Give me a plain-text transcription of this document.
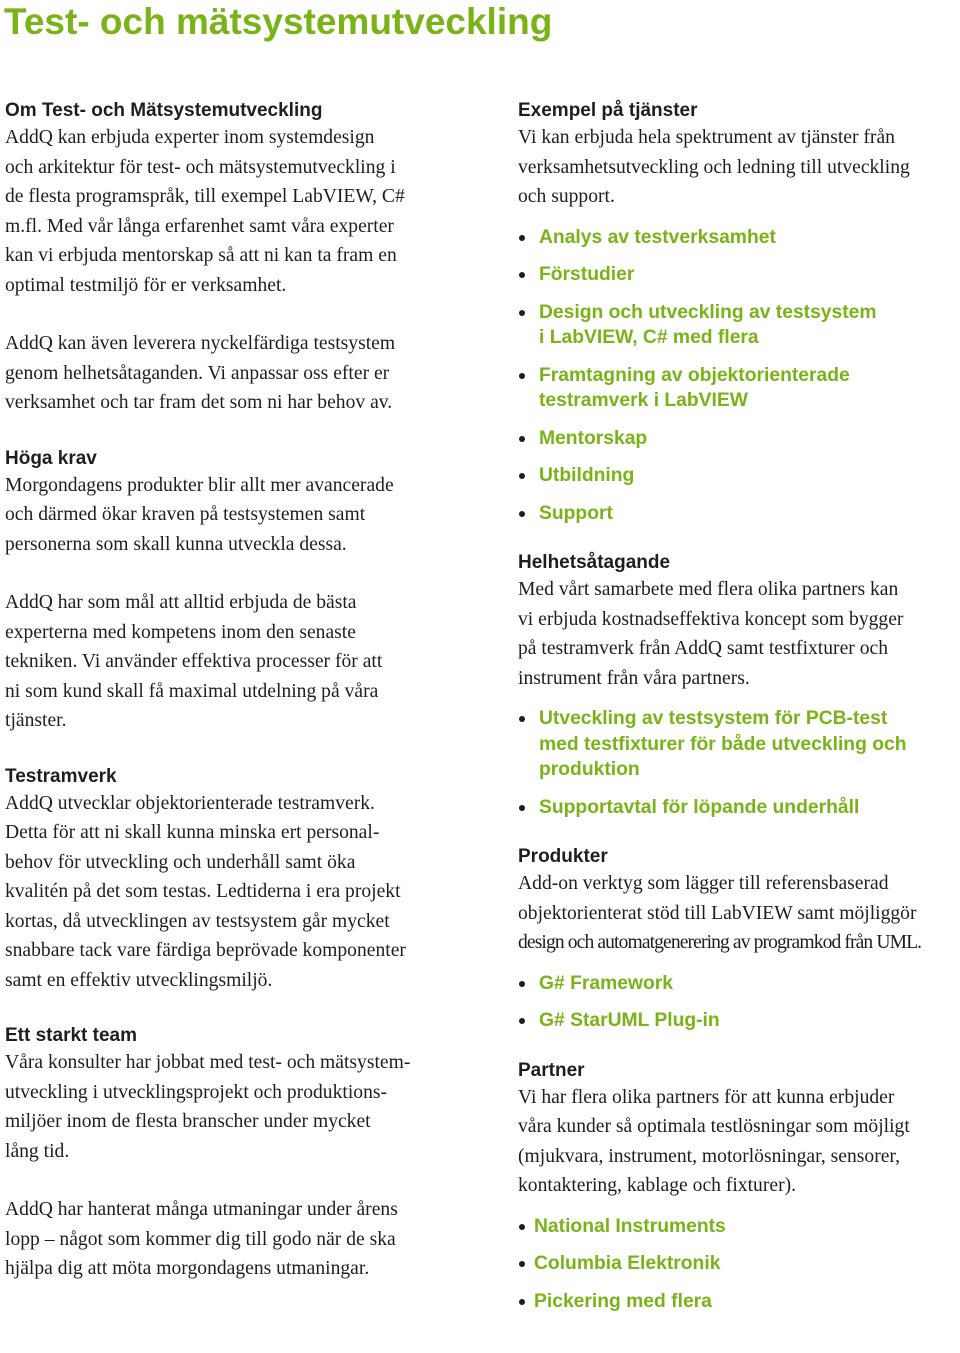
Test- och mätsystemutveckling
Om Test- och Mätsystemutveckling

AddQ kan erbjuda experter inom systemdesign
och arkitektur för test- och mätsystemutveckling i
de flesta programspråk, till exempel LabVIEW, C#
m.fl. Med vår långa erfarenhet samt våra experter
kan vi erbjuda mentorskap så att ni kan ta fram en
optimal testmiljö för er verksamhet.

AddQ kan även leverera nyckelfärdiga testsystem
genom helhetsåtaganden. Vi anpassar oss efter er
verksamhet och tar fram det som ni har behov av.

Höga krav

Morgondagens produkter blir allt mer avancerade
och därmed ökar kraven på testsystemen samt
personerna som skall kunna utveckla dessa.

AddQ har som mål att alltid erbjuda de bästa
experterna med kompetens inom den senaste
tekniken. Vi använder effektiva processer för att
ni som kund skall få maximal utdelning på våra
tjänster.

Testramverk

AddQ utvecklar objektorienterade testramverk.
Detta för att ni skall kunna minska ert personal-
behov för utveckling och underhåll samt öka
kvalitén på det som testas. Ledtiderna i era projekt
kortas, då utvecklingen av testsystem går mycket
snabbare tack vare färdiga beprövade komponenter
samt en effektiv utvecklingsmiljö.

Ett starkt team

Våra konsulter har jobbat med test- och mätsystem-
utveckling i utvecklingsprojekt och produktions-
miljöer inom de flesta branscher under mycket
lång tid.

AddQ har hanterat många utmaningar under årens
lopp – något som kommer dig till godo när de ska
hjälpa dig att möta morgondagens utmaningar.

Exempel på tjänster

Vi kan erbjuda hela spektrument av tjänster från
verksamhetsutveckling och ledning till utveckling
och support.

Analys av testverksamhet
Förstudier
Design och utveckling av testsystem
i LabVIEW, C# med flera
Framtagning av objektorienterade
testramverk i LabVIEW
Mentorskap
Utbildning
Support
Helhetsåtagande

Med vårt samarbete med flera olika partners kan
vi erbjuda kostnadseffektiva koncept som bygger
på testramverk från AddQ samt testfixturer och
instrument från våra partners.

Utveckling av testsystem för PCB-test
med testfixturer för både utveckling och
produktion
Supportavtal för löpande underhåll
Produkter

Add-on verktyg som lägger till referensbaserad
objektorienterat stöd till LabVIEW samt möjliggör

design och automatgenerering av programkod från UML.

G# Framework
G# StarUML Plug-in
Partner

Vi har flera olika partners för att kunna erbjuder
våra kunder så optimala testlösningar som möjligt
(mjukvara, instrument, motorlösningar, sensorer,
kontaktering, kablage och fixturer).

National Instruments
Columbia Elektronik
Pickering med flera
